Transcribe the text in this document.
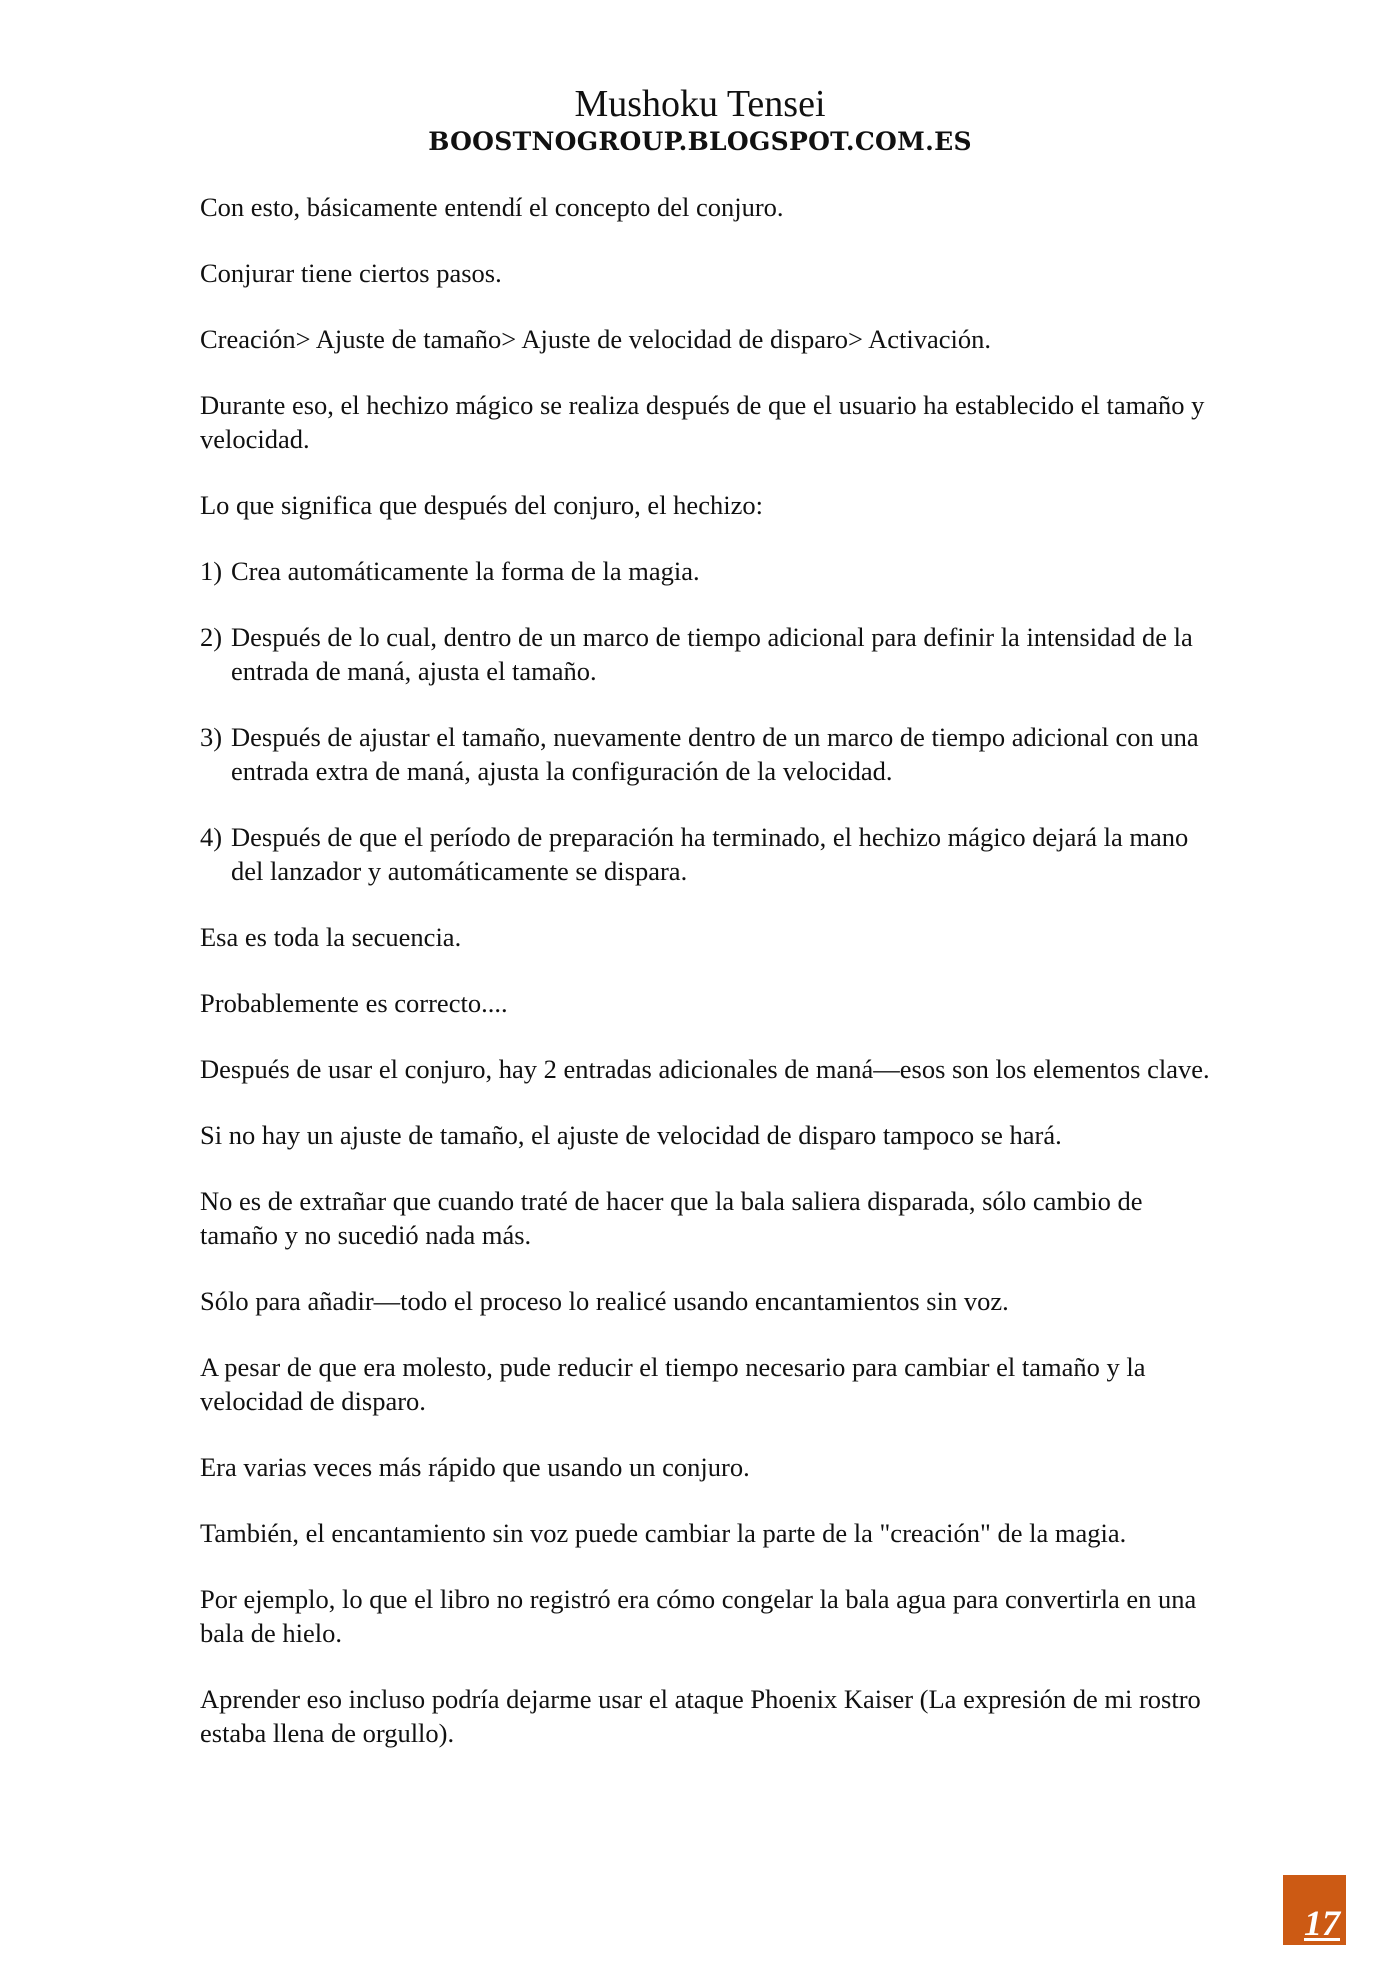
Mushoku Tensei
BOOSTNOGROUP.BLOGSPOT.COM.ES

Con esto, básicamente entendí el concepto del conjuro.

Conjurar tiene ciertos pasos.

Creación> Ajuste de tamaño> Ajuste de velocidad de disparo> Activación.

Durante eso, el hechizo mágico se realiza después de que el usuario ha establecido el tamaño y velocidad.

Lo que significa que después del conjuro, el hechizo:

1) Crea automáticamente la forma de la magia.
2) Después de lo cual, dentro de un marco de tiempo adicional para definir la intensidad de la entrada de maná, ajusta el tamaño.
3) Después de ajustar el tamaño, nuevamente dentro de un marco de tiempo adicional con una entrada extra de maná, ajusta la configuración de la velocidad.
4) Después de que el período de preparación ha terminado, el hechizo mágico dejará la mano del lanzador y automáticamente se dispara.

Esa es toda la secuencia.

Probablemente es correcto....

Después de usar el conjuro, hay 2 entradas adicionales de maná—esos son los elementos clave.

Si no hay un ajuste de tamaño, el ajuste de velocidad de disparo tampoco se hará.

No es de extrañar que cuando traté de hacer que la bala saliera disparada, sólo cambio de tamaño y no sucedió nada más.

Sólo para añadir—todo el proceso lo realicé usando encantamientos sin voz.

A pesar de que era molesto, pude reducir el tiempo necesario para cambiar el tamaño y la velocidad de disparo.

Era varias veces más rápido que usando un conjuro.

También, el encantamiento sin voz puede cambiar la parte de la "creación" de la magia.

Por ejemplo, lo que el libro no registró era cómo congelar la bala agua para convertirla en una bala de hielo.

Aprender eso incluso podría dejarme usar el ataque Phoenix Kaiser (La expresión de mi rostro estaba llena de orgullo).

17
